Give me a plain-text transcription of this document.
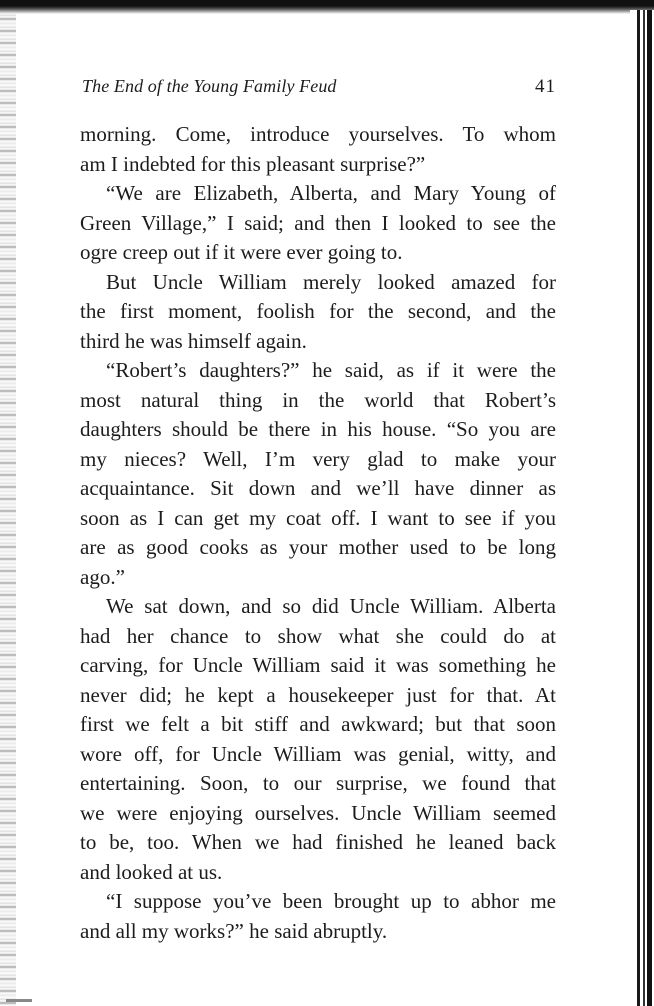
The End of the Young Family Feud	41
morning. Come, introduce yourselves. To whom
am I indebted for this pleasant surprise?”
“We are Elizabeth, Alberta, and Mary Young of
Green Village,” I said; and then I looked to see the
ogre creep out if it were ever going to.
But Uncle William merely looked amazed for
the first moment, foolish for the second, and the
third he was himself again.
“Robert’s daughters?” he said, as if it were the
most natural thing in the world that Robert’s
daughters should be there in his house. “So you are
my nieces? Well, I’m very glad to make your
acquaintance. Sit down and we’ll have dinner as
soon as I can get my coat off. I want to see if you
are as good cooks as your mother used to be long
ago.”
We sat down, and so did Uncle William. Alberta
had her chance to show what she could do at
carving, for Uncle William said it was something he
never did; he kept a housekeeper just for that. At
first we felt a bit stiff and awkward; but that soon
wore off, for Uncle William was genial, witty, and
entertaining. Soon, to our surprise, we found that
we were enjoying ourselves. Uncle William seemed
to be, too. When we had finished he leaned back
and looked at us.
“I suppose you’ve been brought up to abhor me
and all my works?” he said abruptly.
